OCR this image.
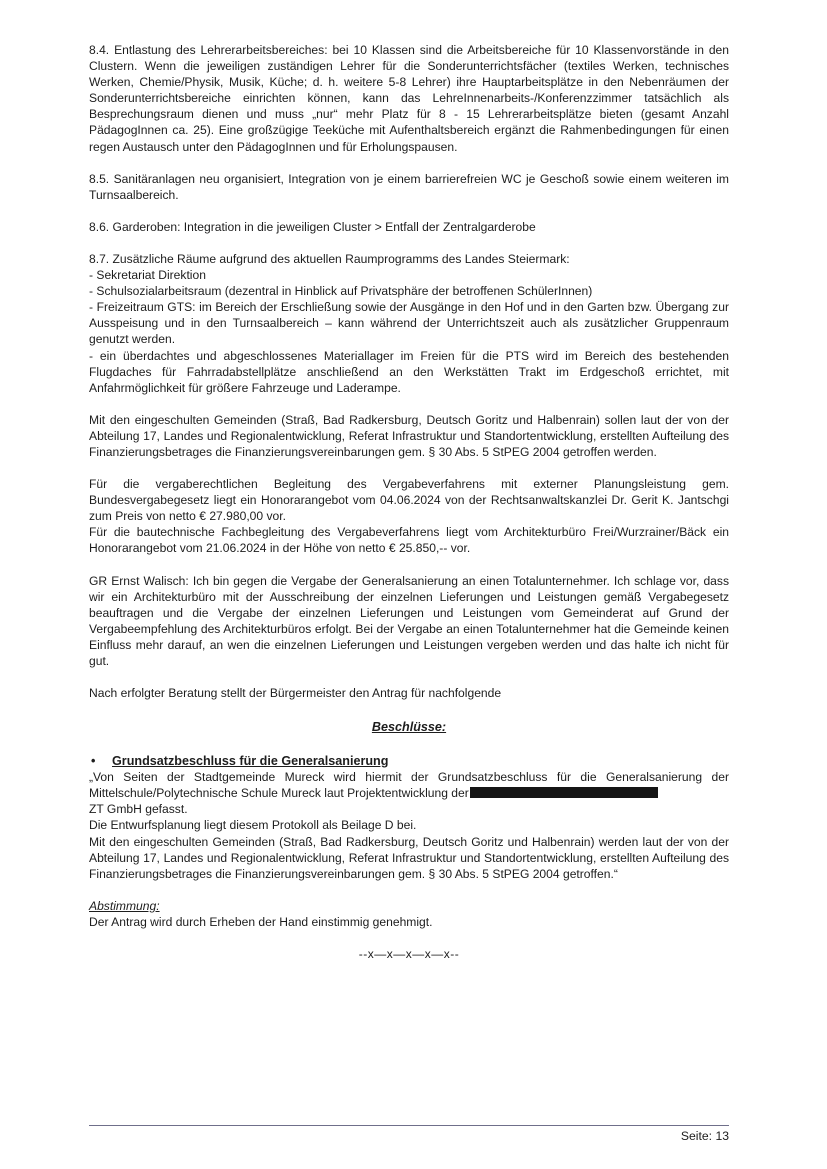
8.4. Entlastung des Lehrerarbeitsbereiches: bei 10 Klassen sind die Arbeitsbereiche für 10 Klassenvorstände in den Clustern. Wenn die jeweiligen zuständigen Lehrer für die Sonderunterrichtsfächer (textiles Werken, technisches Werken, Chemie/Physik, Musik, Küche; d. h. weitere 5-8 Lehrer) ihre Hauptarbeitsplätze in den Nebenräumen der Sonderunterrichtsbereiche einrichten können, kann das LehreInnenarbeits-/Konferenzzimmer tatsächlich als Besprechungsraum dienen und muss „nur“ mehr Platz für 8 - 15 Lehrerarbeitsplätze bieten (gesamt Anzahl PädagogInnen ca. 25). Eine großzügige Teeküche mit Aufenthaltsbereich ergänzt die Rahmenbedingungen für einen regen Austausch unter den PädagogInnen und für Erholungspausen.

8.5. Sanitäranlagen neu organisiert, Integration von je einem barrierefreien WC je Geschoß sowie einem weiteren im Turnsaalbereich.

8.6. Garderoben: Integration in die jeweiligen Cluster > Entfall der Zentralgarderobe

8.7. Zusätzliche Räume aufgrund des aktuellen Raumprogramms des Landes Steiermark:

- Sekretariat Direktion

- Schulsozialarbeitsraum (dezentral in Hinblick auf Privatsphäre der betroffenen SchülerInnen)

- Freizeitraum GTS: im Bereich der Erschließung sowie der Ausgänge in den Hof und in den Garten bzw. Übergang zur Ausspeisung und in den Turnsaalbereich – kann während der Unterrichtszeit auch als zusätzlicher Gruppenraum genutzt werden.

- ein überdachtes und abgeschlossenes Materiallager im Freien für die PTS wird im Bereich des bestehenden Flugdaches für Fahrradabstellplätze anschließend an den Werkstätten Trakt im Erdgeschoß errichtet, mit Anfahrmöglichkeit für größere Fahrzeuge und Laderampe.

Mit den eingeschulten Gemeinden (Straß, Bad Radkersburg, Deutsch Goritz und Halbenrain) sollen laut der von der Abteilung 17, Landes und Regionalentwicklung, Referat Infrastruktur und Standortentwicklung, erstellten Aufteilung des Finanzierungsbetrages die Finanzierungsvereinbarungen gem. § 30 Abs. 5 StPEG 2004 getroffen werden.

Für die vergaberechtlichen Begleitung des Vergabeverfahrens mit externer Planungsleistung gem. Bundesvergabegesetz liegt ein Honorarangebot vom 04.06.2024 von der Rechtsanwaltskanzlei Dr. Gerit K. Jantschgi zum Preis von netto € 27.980,00 vor.

Für die bautechnische Fachbegleitung des Vergabeverfahrens liegt vom Architekturbüro Frei/Wurzrainer/Bäck ein Honorarangebot vom 21.06.2024 in der Höhe von netto € 25.850,-- vor.

GR Ernst Walisch: Ich bin gegen die Vergabe der Generalsanierung an einen Totalunternehmer. Ich schlage vor, dass wir ein Architekturbüro mit der Ausschreibung der einzelnen Lieferungen und Leistungen gemäß Vergabegesetz beauftragen und die Vergabe der einzelnen Lieferungen und Leistungen vom Gemeinderat auf Grund der Vergabeempfehlung des Architekturbüros erfolgt. Bei der Vergabe an einen Totalunternehmer hat die Gemeinde keinen Einfluss mehr darauf, an wen die einzelnen Lieferungen und Leistungen vergeben werden und das halte ich nicht für gut.

Nach erfolgter Beratung stellt der Bürgermeister den Antrag für nachfolgende

Beschlüsse:

•	Grundsatzbeschluss für die Generalsanierung

„Von Seiten der Stadtgemeinde Mureck wird hiermit der Grundsatzbeschluss für die Generalsanierung der Mittelschule/Polytechnische Schule Mureck laut Projektentwicklung der

ZT GmbH gefasst.

Die Entwurfsplanung liegt diesem Protokoll als Beilage D bei.

Mit den eingeschulten Gemeinden (Straß, Bad Radkersburg, Deutsch Goritz und Halbenrain) werden laut der von der Abteilung 17, Landes und Regionalentwicklung, Referat Infrastruktur und Standortentwicklung, erstellten Aufteilung des Finanzierungsbetrages die Finanzierungsvereinbarungen gem. § 30 Abs. 5 StPEG 2004 getroffen.“

Abstimmung:

Der Antrag wird durch Erheben der Hand einstimmig genehmigt.

--x—x—x—x—x--
Seite: 13
